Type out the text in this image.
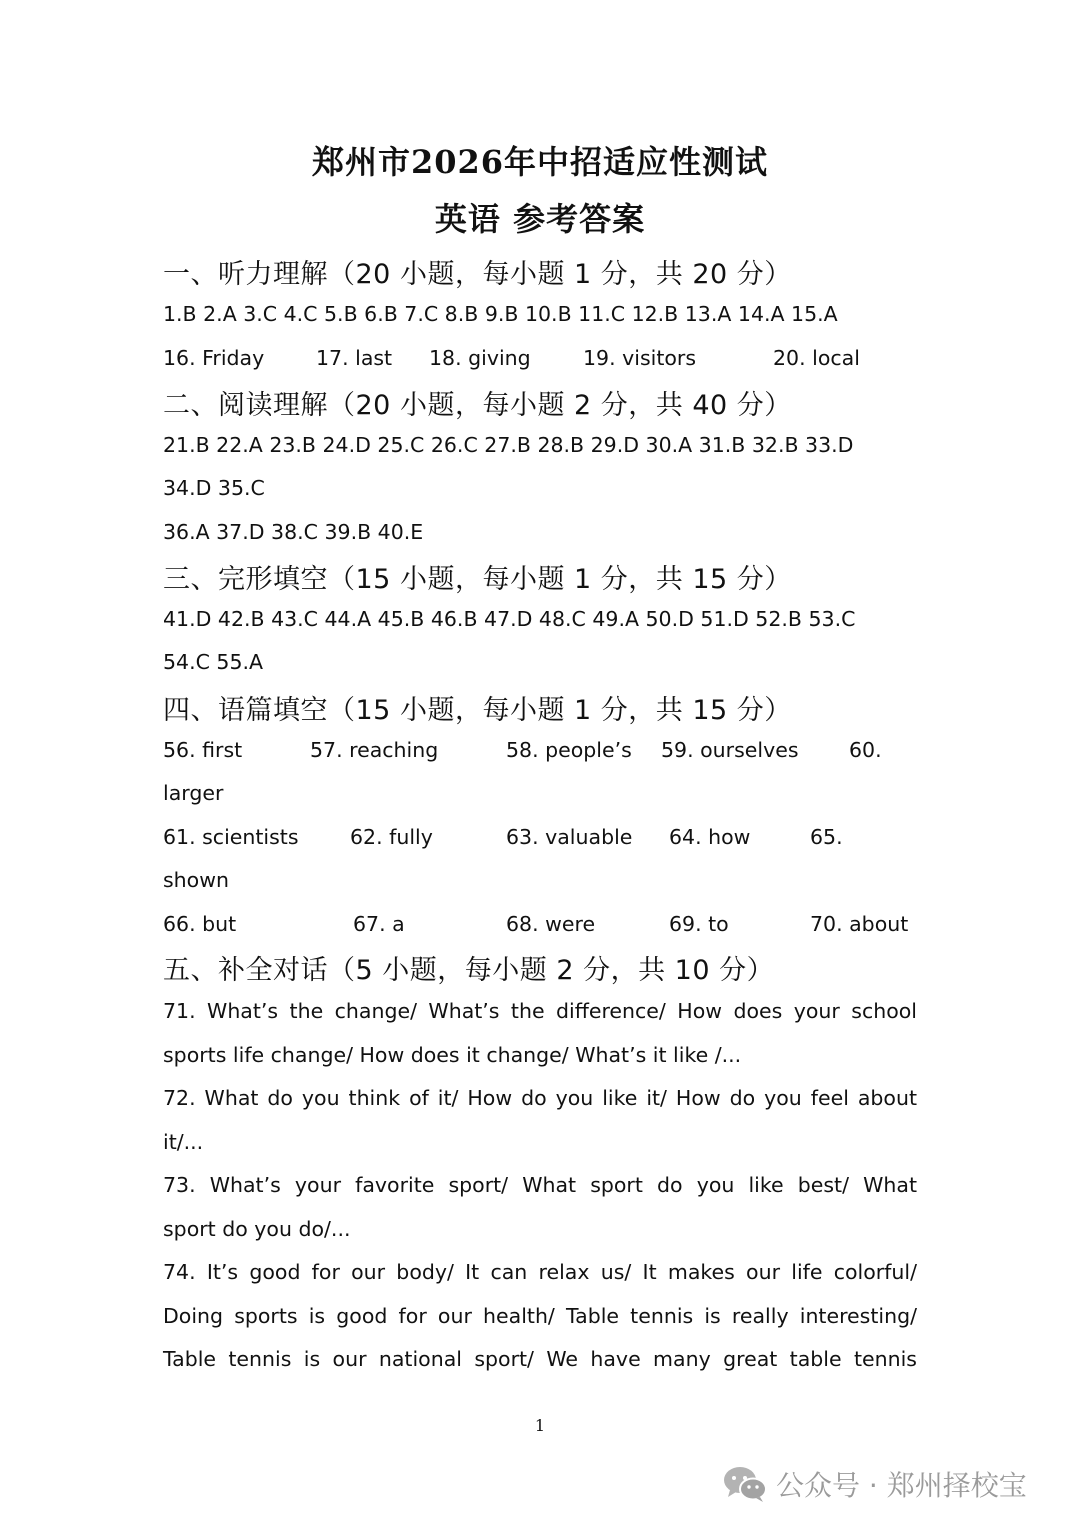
郑州市2026年中招适应性测试
英语 参考答案
一、听力理解（20 小题，每小题 1 分，共 20 分）
1.B 2.A 3.C 4.C 5.B 6.B 7.C 8.B 9.B 10.B 11.C 12.B 13.A 14.A 15.A
16. Friday	17. last 18. giving	19. visitors	20. local
二、阅读理解（20 小题，每小题 2 分，共 40 分）
21.B 22.A 23.B 24.D 25.C 26.C 27.B 28.B 29.D 30.A 31.B 32.B 33.D
34.D 35.C
36.A 37.D 38.C 39.B 40.E
三、完形填空（15 小题，每小题 1 分，共 15 分）
41.D 42.B 43.C 44.A 45.B 46.B 47.D 48.C 49.A 50.D 51.D 52.B 53.C
54.C 55.A
四、语篇填空（15 小题，每小题 1 分，共 15 分）
56. first	57. reaching	58. people’s 59. ourselves 60.
larger
61. scientists	62. fully	63. valuable 64. how	65.
shown
66. but	67. a	68. were	69. to	70. about
五、补全对话（5 小题，每小题 2 分，共 10 分）
71. What’s the change/ What’s the difference/ How does your school
sports life change/ How does it change/ What’s it like /...
72. What do you think of it/ How do you like it/ How do you feel about
it/...
73. What’s your favorite sport/ What sport do you like best/ What
sport do you do/...
74. It’s good for our body/ It can relax us/ It makes our life colorful/
Doing sports is good for our health/ Table tennis is really interesting/
Table tennis is our national sport/ We have many great table tennis
1
公众号 · 郑州择校宝
